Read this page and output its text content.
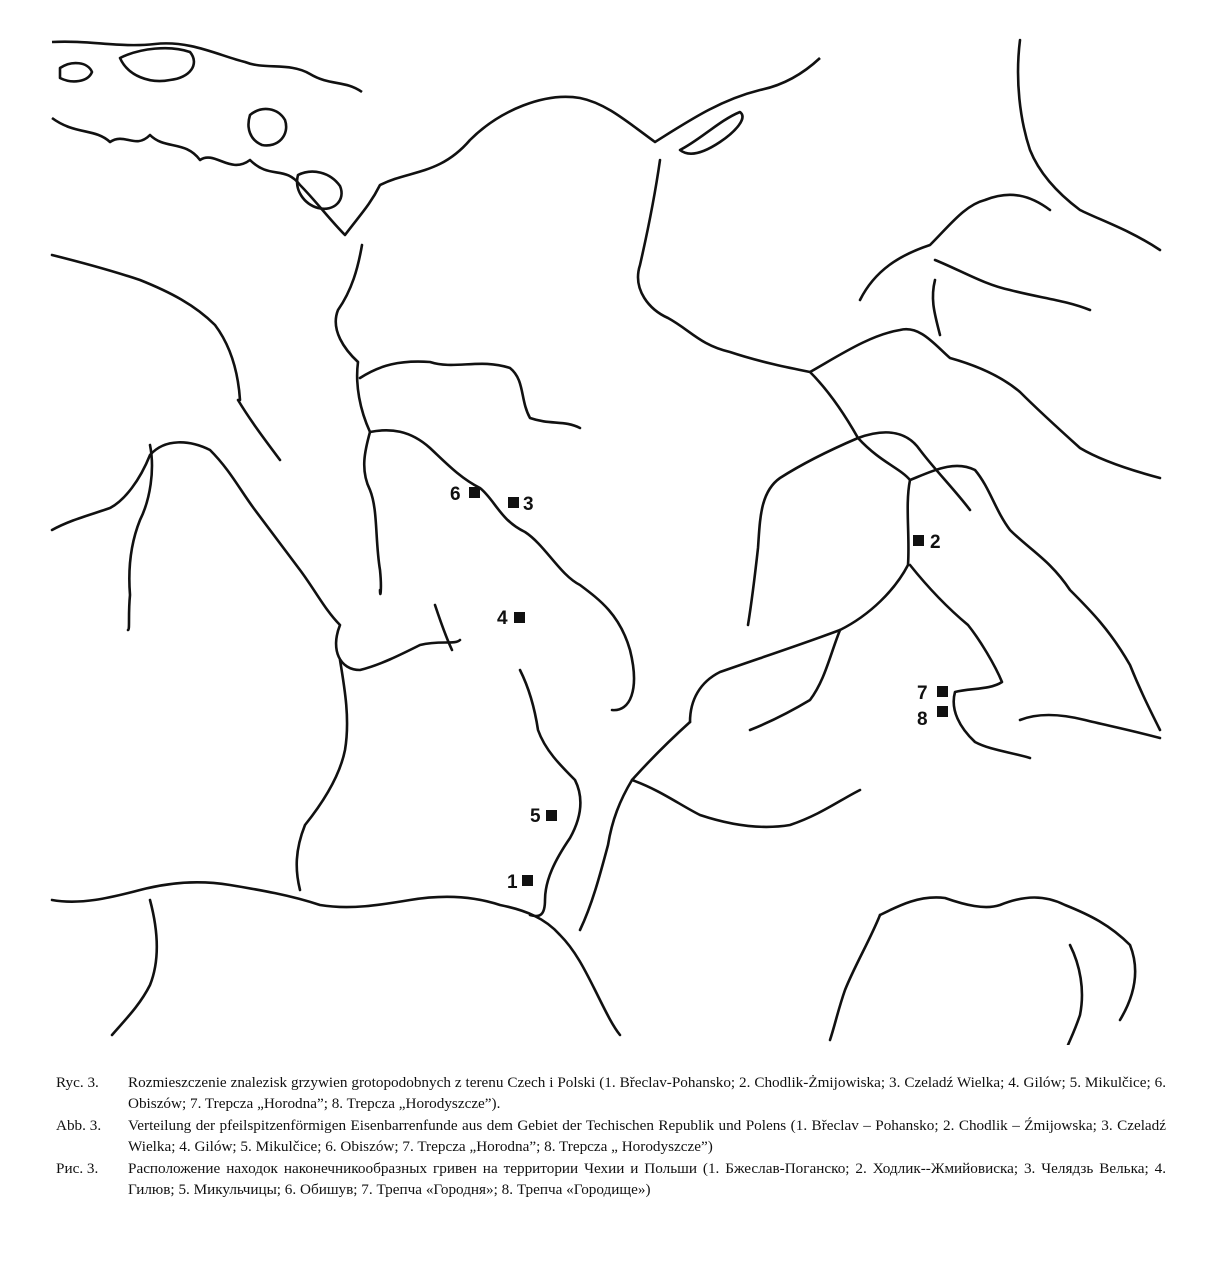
1
2
3
4
5
6
7
8
Ryc. 3.	Rozmieszczenie znalezisk grzywien grotopodobnych z terenu Czech i Polski (1. Břeclav-Pohansko; 2. Chodlik-Żmijowiska; 3. Czeladź Wielka; 4. Gilów; 5. Mikulčice; 6. Obiszów; 7. Trepcza „Horodna”; 8. Trepcza „Horodyszcze”).
Abb. 3.	Verteilung der pfeilspitzenförmigen Eisenbarrenfunde aus dem Gebiet der Techischen Republik und Polens (1. Břeclav – Pohansko; 2. Chodlik – Źmijowska; 3. Czeladź Wielka; 4. Gilów; 5. Mikulčice; 6. Obiszów; 7. Trepcza „Horodna”; 8. Trepcza „ Horodyszcze”)
Рис. 3.	Расположение находок наконечникообразных гривен на территории Чехии и Польши (1. Бжеслав-Поганско; 2. Ходлик--Жмийовиска; 3. Челядзь Велька; 4. Гилюв; 5. Микульчицы; 6. Обишув; 7. Трепча «Городня»; 8. Трепча «Городище»)
